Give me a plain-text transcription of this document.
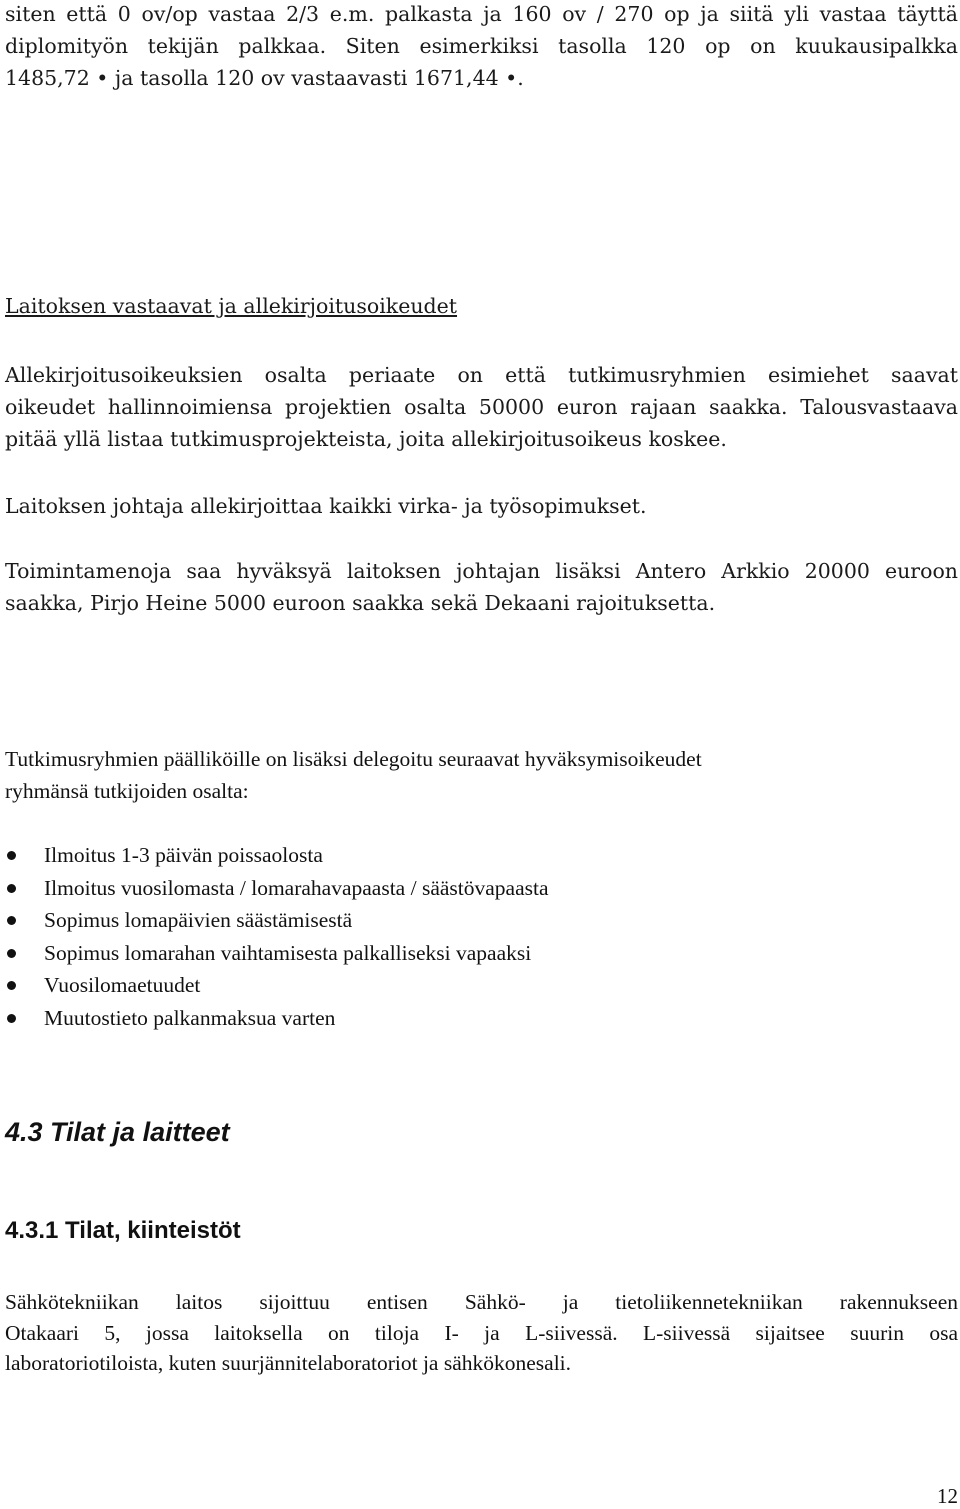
siten että 0 ov/op vastaa 2/3 e.m. palkasta ja 160 ov / 270 op ja siitä yli vastaa täyttä
diplomityön tekijän palkkaa. Siten esimerkiksi tasolla 120 op on kuukausipalkka
1485,72 • ja tasolla 120 ov vastaavasti 1671,44 •.
Laitoksen vastaavat ja allekirjoitusoikeudet
Allekirjoitusoikeuksien osalta periaate on että tutkimusryhmien esimiehet saavat
oikeudet hallinnoimiensa projektien osalta 50000 euron rajaan saakka. Talousvastaava
pitää yllä listaa tutkimusprojekteista, joita allekirjoitusoikeus koskee.
Laitoksen johtaja allekirjoittaa kaikki virka- ja työsopimukset.
Toimintamenoja saa hyväksyä laitoksen johtajan lisäksi Antero Arkkio 20000 euroon
saakka, Pirjo Heine 5000 euroon saakka sekä Dekaani rajoituksetta.
Tutkimusryhmien päälliköille on lisäksi delegoitu seuraavat hyväksymisoikeudet
ryhmänsä tutkijoiden osalta:
Ilmoitus 1-3 päivän poissaolosta
Ilmoitus vuosilomasta / lomarahavapaasta / säästövapaasta
Sopimus lomapäivien säästämisestä
Sopimus lomarahan vaihtamisesta palkalliseksi vapaaksi
Vuosilomaetuudet
Muutostieto palkanmaksua varten
4.3 Tilat ja laitteet
4.3.1 Tilat, kiinteistöt
Sähkötekniikan laitos sijoittuu entisen Sähkö- ja tietoliikennetekniikan rakennukseen
Otakaari 5, jossa laitoksella on tiloja I- ja L-siivessä. L-siivessä sijaitsee suurin osa
laboratoriotiloista, kuten suurjännitelaboratoriot ja sähkökonesali.
12
